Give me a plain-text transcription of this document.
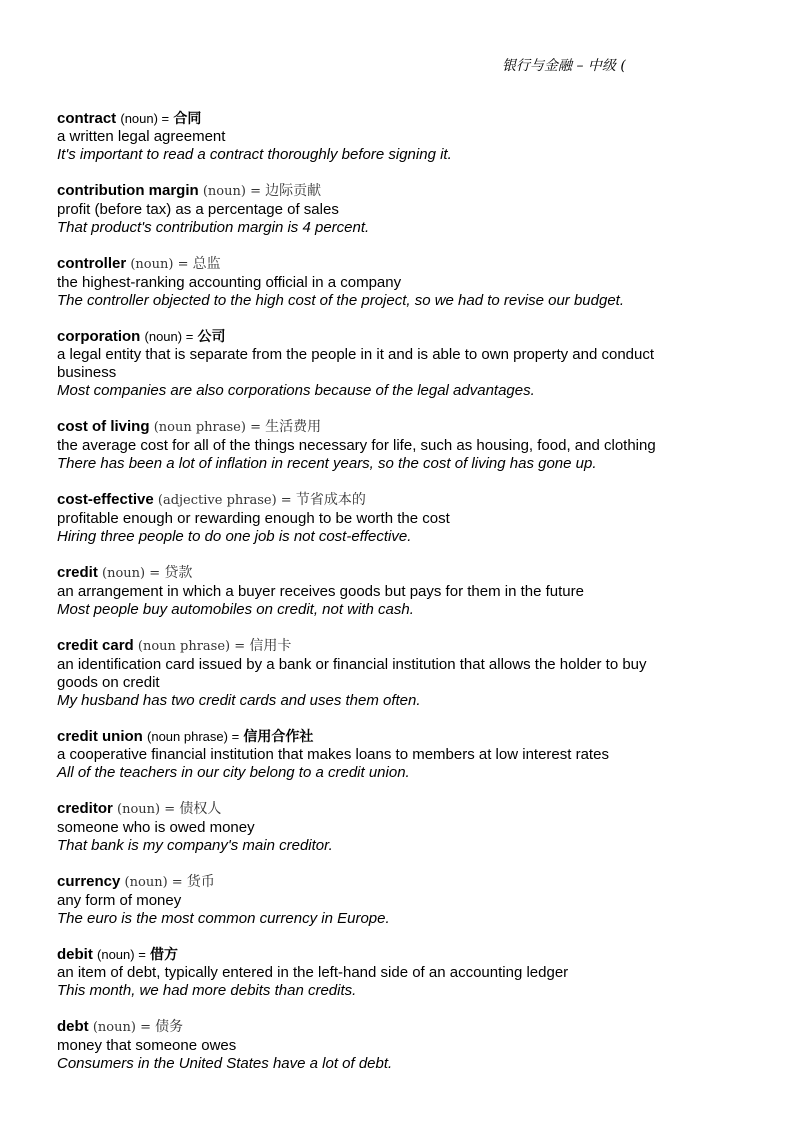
银行与金融 – 中级 (

contract (noun) = 合同

a written legal agreement

It's important to read a contract thoroughly before signing it.

contribution margin (noun) = 边际贡献

profit (before tax) as a percentage of sales

That product's contribution margin is 4 percent.

controller (noun) = 总监

the highest-ranking accounting official in a company

The controller objected to the high cost of the project, so we had to revise our budget.

corporation (noun) = 公司

a legal entity that is separate from the people in it and is able to own property and conduct business

Most companies are also corporations because of the legal advantages.

cost of living (noun phrase) = 生活费用

the average cost for all of the things necessary for life, such as housing, food, and clothing

There has been a lot of inflation in recent years, so the cost of living has gone up.

cost-effective (adjective phrase) = 节省成本的

profitable enough or rewarding enough to be worth the cost

Hiring three people to do one job is not cost-effective.

credit (noun) = 贷款

an arrangement in which a buyer receives goods but pays for them in the future

Most people buy automobiles on credit, not with cash.

credit card (noun phrase) = 信用卡

an identification card issued by a bank or financial institution that allows the holder to buy goods on credit

My husband has two credit cards and uses them often.

credit union (noun phrase) = 信用合作社

a cooperative financial institution that makes loans to members at low interest rates

All of the teachers in our city belong to a credit union.

creditor (noun) = 债权人

someone who is owed money

That bank is my company's main creditor.

currency (noun) = 货币

any form of money

The euro is the most common currency in Europe.

debit (noun) = 借方

an item of debt, typically entered in the left-hand side of an accounting ledger

This month, we had more debits than credits.

debt (noun) = 债务

money that someone owes

Consumers in the United States have a lot of debt.
